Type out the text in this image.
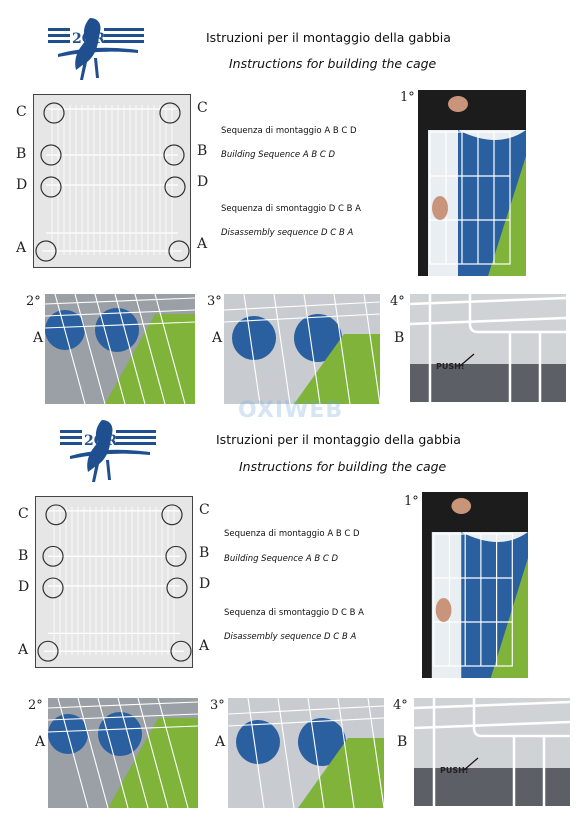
2GR	Istruzioni per il montaggio della gabbia
Instructions for building the cage
C	C
B	B
D	D
A	A
Sequenza di montaggio A B C D
Building Sequence A B C D
Sequenza di smontaggio D C B A
Disassembly sequence D C B A
1°
2°
A
3°
A
4°
B
PUSH!
OXIWEB
2GR	Istruzioni per il montaggio della gabbia
Instructions for building the cage
C	C
B	B
D	D
A	A
Sequenza di montaggio A B C D
Building Sequence A B C D
Sequenza di smontaggio D C B A
Disassembly sequence D C B A
1°
2°
A
3°
A
4°
B
PUSH!
